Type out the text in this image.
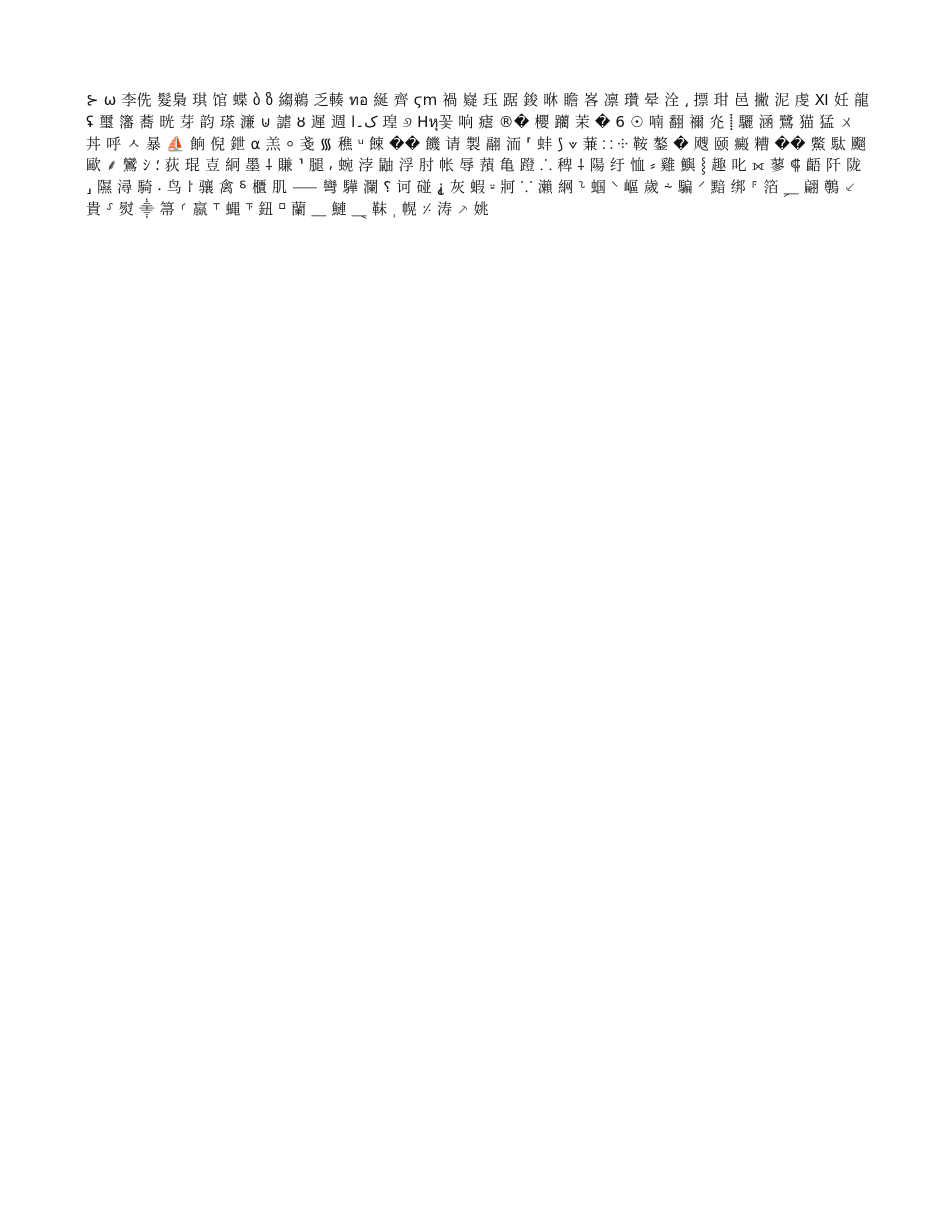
⊱ ω 李侁 髮梟 琪 馆 蝶 ბ ზ 縐鵜 乏輳 ทอ 綖 齊 ϛm 禍 嶷 珏 踞 鋑 咻 瞻 峉 凛 瓚 晕 洤 ⸲ 摽 玵 邑 撇 泥 虔 Ⅺ 妊 龍 ʢ 璽 籓 蕎 晄 芽 韵 瑹 濂 ⊍ 謔 ȣ 遲 週 ک۔ا 瑝 ୬ Hหุ꽃 响 瘧 ®� 櫻 躪 茉 � 6 ☉ 喃 翻 禰 灮 ⸽ 驪 涵 鷺 猫 猛 ㄨ 丼 呼 ㅅ 暴 ⛵ 餉 倪 鉪 ⍺ 羔 ⸰ 戔 ᯾ 穛 ᵘ 餗 �� 饑 请 製 翮 洏 ⸢ 蚌 ⟆ ⟇ 蒹 ⸬ ⸭ 鞍 鏊 � 飕 颐 癜 糟 �� 鱉 駄 飀 歐 ⸙ 鸞 ｼ ⸵ 荻 琨 壴 絅 墨 ⸸ 賺 ⸣ 腿 ⸴ 蜿 浡 鼬 浮 肘 帐 辱 蕷 亀 蹬 ⸫ 稗 ⸸ 陽 纡 恤 ⸗ 雞 鱮 ⸾ 趣 叱 ⟗ 蓼 ⸿ 齬 阡 陇 ⸥ 隰 潯 騎 ⸳ 鸟 ⸷ 骧 禽 ⸹ 櫃 肌 ⸺ 彎 驊 瀾 ⸮ 诃 碰 ⸘ 灰 蝦 ⸚ 牁 ⸪ 瀨 䋞 ⸊ 蝈 ⸌ 嶇 歲 ⸞ 騙 ⸍ 黯 绑 ⸁ 箔 ⸐ 翩 鷷 ⸔ 貴 ⸉ 熨 ⸎ 箒 ⸂ 嬴 ⸆ 蝿 ⸇ 鈕 ⸋ 蘭 ⸏ 鰱 ⸑ 靺 ⸒ 幌 ⸓ 涛 ⸕ 姚
